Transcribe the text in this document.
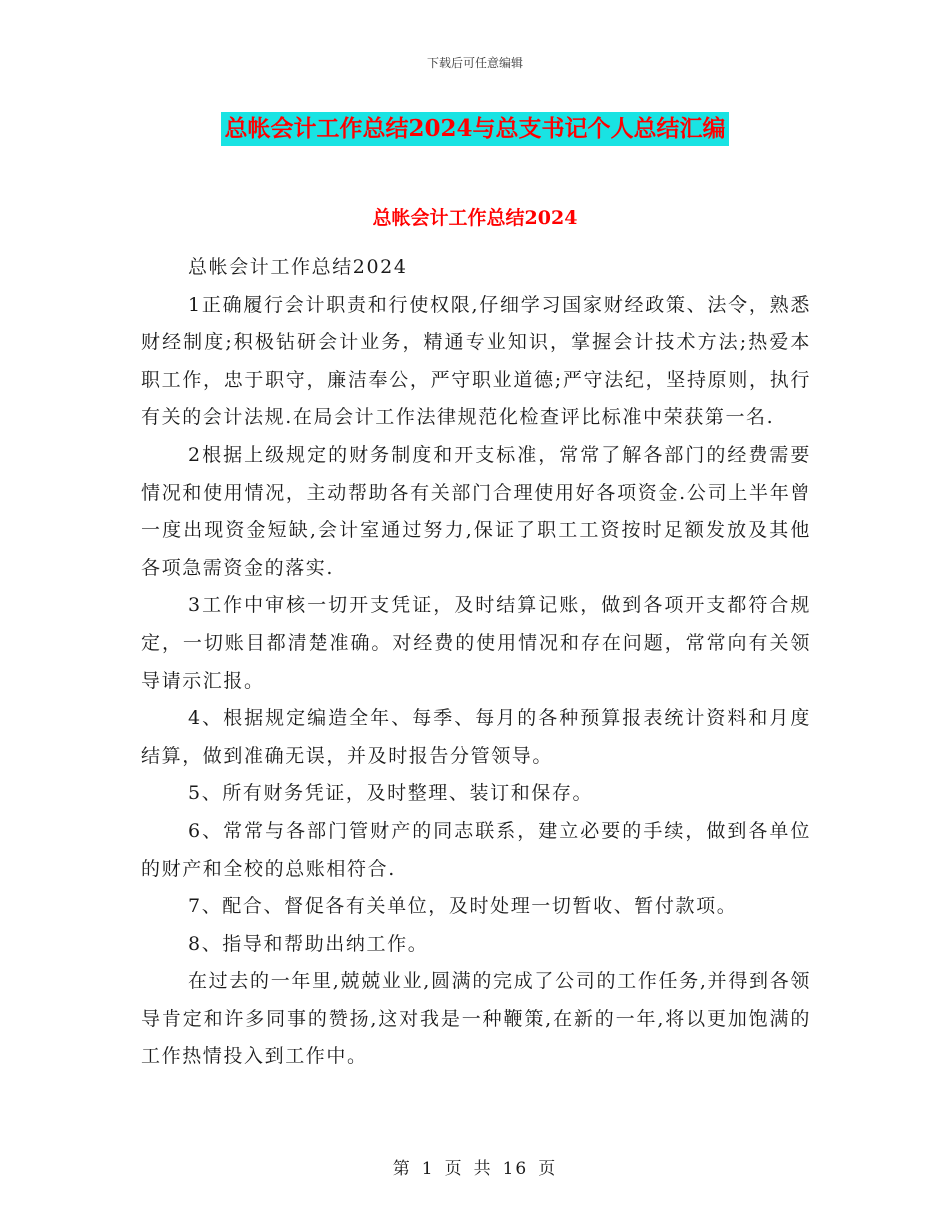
下载后可任意编辑
总帐会计工作总结2024与总支书记个人总结汇编
总帐会计工作总结2024

总帐会计工作总结2024

1正确履行会计职责和行使权限,仔细学习国家财经政策、法令，熟悉财经制度;积极钻研会计业务，精通专业知识，掌握会计技术方法;热爱本职工作，忠于职守，廉洁奉公，严守职业道德;严守法纪，坚持原则，执行有关的会计法规.在局会计工作法律规范化检查评比标准中荣获第一名.

2根据上级规定的财务制度和开支标准，常常了解各部门的经费需要情况和使用情况，主动帮助各有关部门合理使用好各项资金.公司上半年曾一度出现资金短缺,会计室通过努力,保证了职工工资按时足额发放及其他各项急需资金的落实.

3工作中审核一切开支凭证，及时结算记账，做到各项开支都符合规定，一切账目都清楚准确。对经费的使用情况和存在问题，常常向有关领导请示汇报。

4、根据规定编造全年、每季、每月的各种预算报表统计资料和月度结算，做到准确无误，并及时报告分管领导。

5、所有财务凭证，及时整理、装订和保存。

6、常常与各部门管财产的同志联系，建立必要的手续，做到各单位的财产和全校的总账相符合.

7、配合、督促各有关单位，及时处理一切暂收、暂付款项。

8、指导和帮助出纳工作。

在过去的一年里,兢兢业业,圆满的完成了公司的工作任务,并得到各领导肯定和许多同事的赞扬,这对我是一种鞭策,在新的一年,将以更加饱满的工作热情投入到工作中。

第 1 页 共 16 页
